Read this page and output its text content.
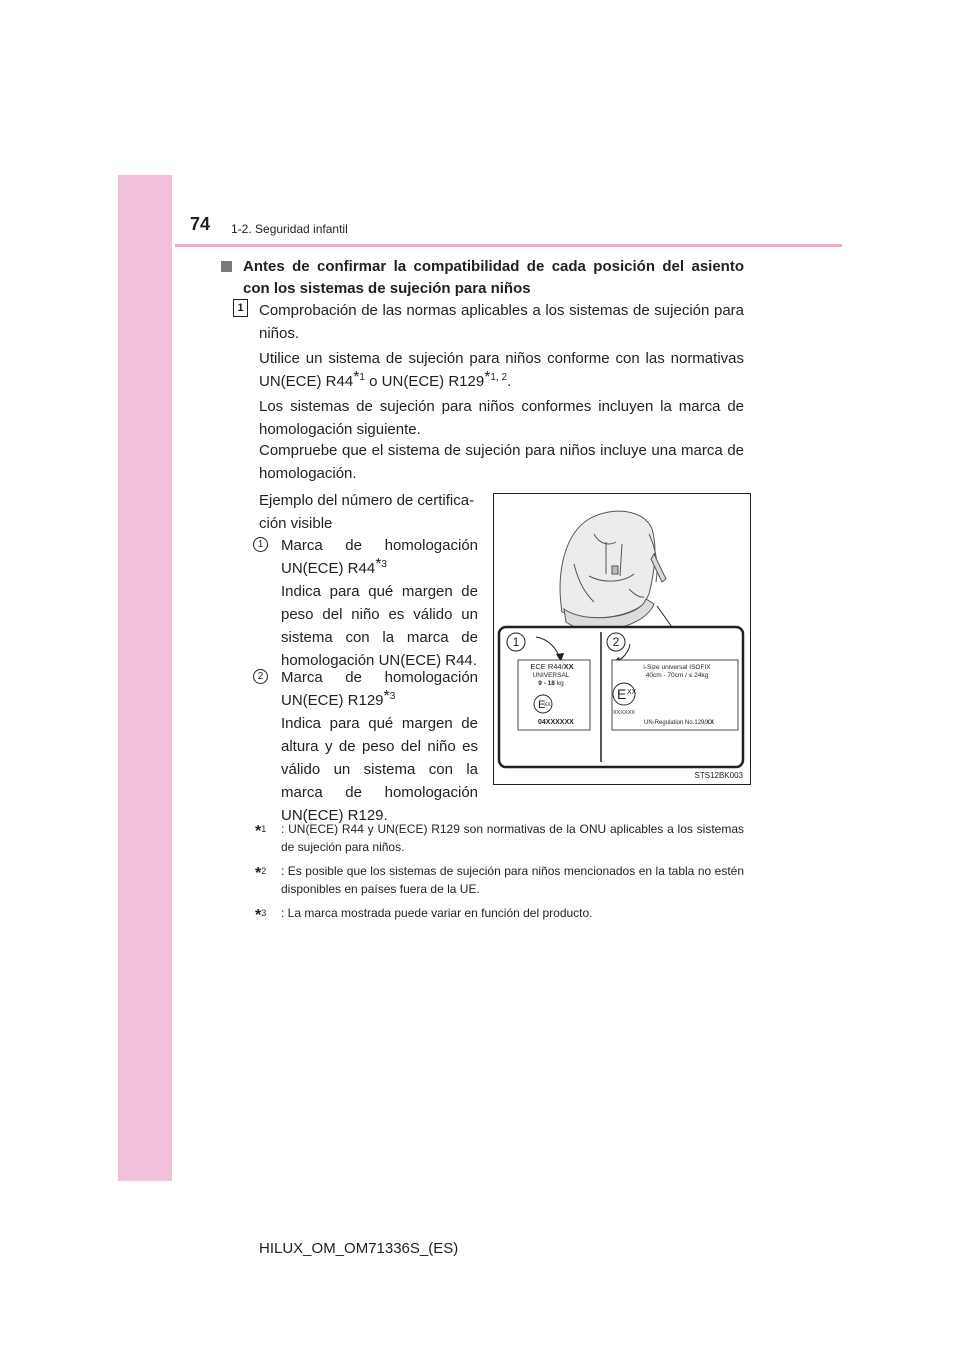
74 1-2. Seguridad infantil
Antes de confirmar la compatibilidad de cada posición del asiento con los sistemas de sujeción para niños
1 Comprobación de las normas aplicables a los sistemas de sujeción para niños.
Utilice un sistema de sujeción para niños conforme con las normativas UN(ECE) R44$^{*1}$ o UN(ECE) R129$^{*1, 2}$.
Los sistemas de sujeción para niños conformes incluyen la marca de homologación siguiente.
Compruebe que el sistema de sujeción para niños incluye una marca de homologación.
Ejemplo del número de certifica-ción visible
1	Marca de homologación UN(ECE) R44$^{*3}$
Indica para qué margen de peso del niño es válido un sistema con la marca de homologación UN(ECE) R44.
2	Marca de homologación UN(ECE) R129$^{*3}$
Indica para qué margen de altura y de peso del niño es válido un sistema con la marca de homologación UN(ECE) R129.
1	2
ECE R44/XX
UNIVERSAL
9 - 18 kg
E
XX
04XXXXXX
i-Size universal ISOFIX
40cm - 70cm / ≤ 24kg
E XX
XXXXXX
UN-Regulation No.129/XX
STS12BK003
*$^1$ : UN(ECE) R44 y UN(ECE) R129 son normativas de la ONU aplicables a los sistemas de sujeción para niños.
*$^2$ : Es posible que los sistemas de sujeción para niños mencionados en la tabla no estén disponibles en países fuera de la UE.
*$^3$ : La marca mostrada puede variar en función del producto.
HILUX_OM_OM71336S_(ES)
